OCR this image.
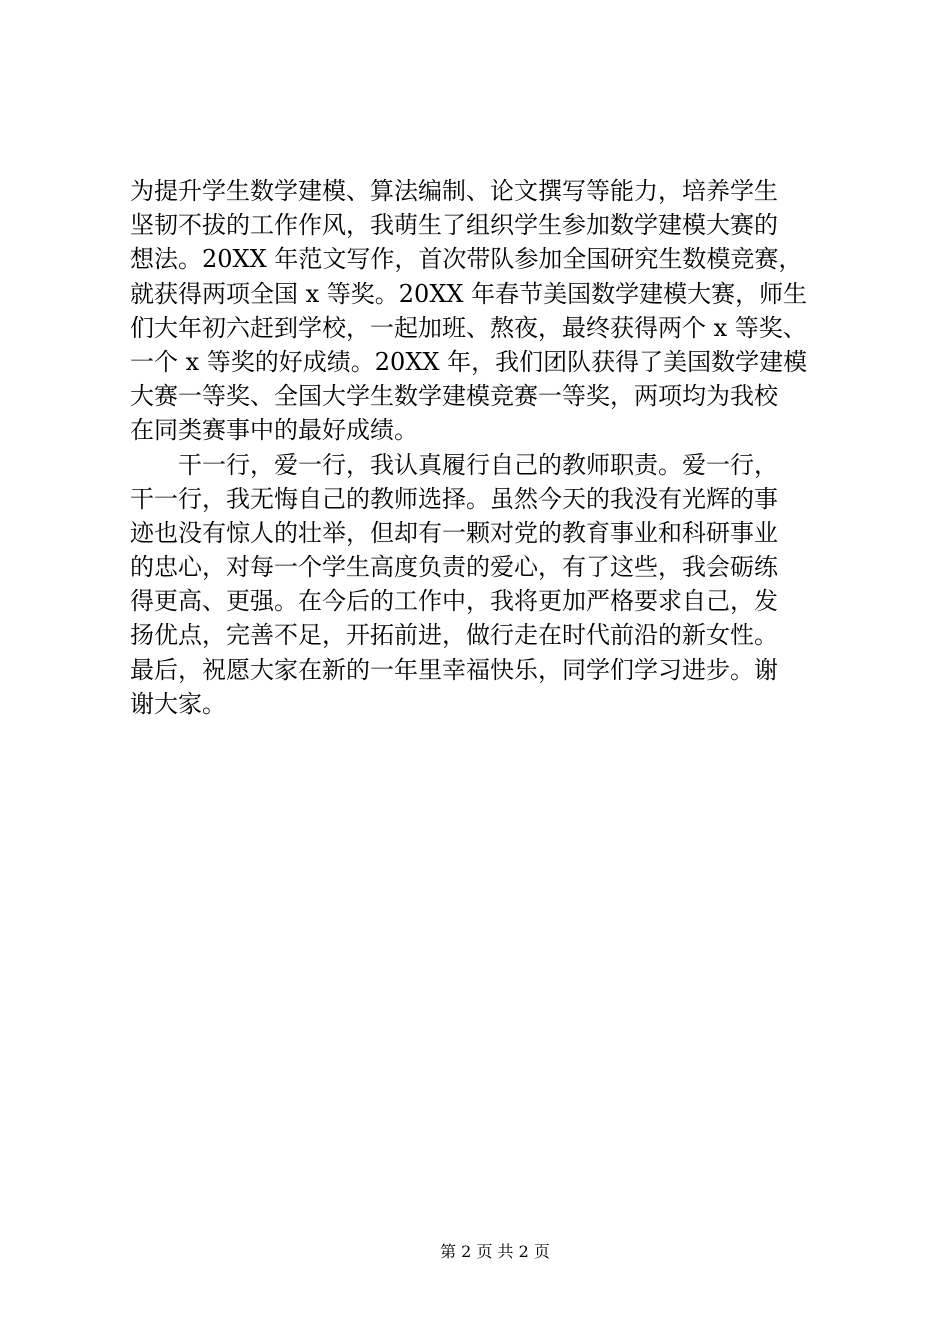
为提升学生数学建模、算法编制、论文撰写等能力，培养学生
坚韧不拔的工作作风，我萌生了组织学生参加数学建模大赛的
想法。20XX 年范文写作，首次带队参加全国研究生数模竞赛，
就获得两项全国 x 等奖。20XX 年春节美国数学建模大赛，师生
们大年初六赶到学校，一起加班、熬夜，最终获得两个 x 等奖、
一个 x 等奖的好成绩。20XX 年，我们团队获得了美国数学建模
大赛一等奖、全国大学生数学建模竞赛一等奖，两项均为我校
在同类赛事中的最好成绩。
干一行，爱一行，我认真履行自己的教师职责。爱一行，
干一行，我无悔自己的教师选择。虽然今天的我没有光辉的事
迹也没有惊人的壮举，但却有一颗对党的教育事业和科研事业
的忠心，对每一个学生高度负责的爱心，有了这些，我会砺练
得更高、更强。在今后的工作中，我将更加严格要求自己，发
扬优点，完善不足，开拓前进，做行走在时代前沿的新女性。
最后，祝愿大家在新的一年里幸福快乐，同学们学习进步。谢
谢大家。
第 2 页 共 2 页
